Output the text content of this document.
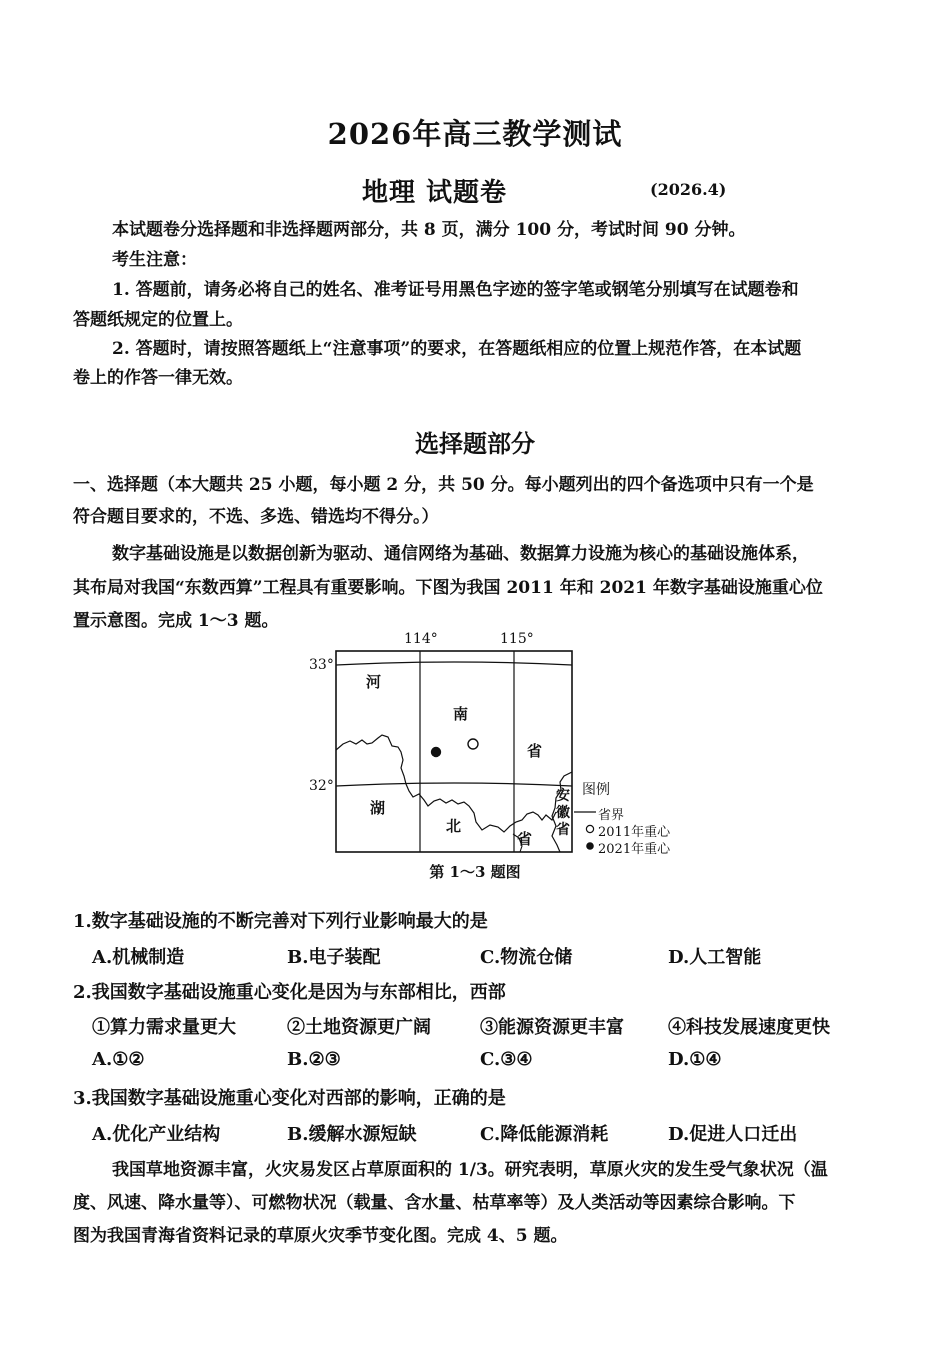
2026年高三教学测试
地理 试题卷	(2026.4)
本试题卷分选择题和非选择题两部分，共 8 页，满分 100 分，考试时间 90 分钟。
考生注意：
1. 答题前，请务必将自己的姓名、准考证号用黑色字迹的签字笔或钢笔分别填写在试题卷和
答题纸规定的位置上。
2. 答题时，请按照答题纸上“注意事项”的要求，在答题纸相应的位置上规范作答，在本试题
卷上的作答一律无效。
选择题部分
一、选择题（本大题共 25 小题，每小题 2 分，共 50 分。每小题列出的四个备选项中只有一个是
符合题目要求的，不选、多选、错选均不得分。）
数字基础设施是以数据创新为驱动、通信网络为基础、数据算力设施为核心的基础设施体系，
其布局对我国“东数西算”工程具有重要影响。下图为我国 2011 年和 2021 年数字基础设施重心位
置示意图。完成 1～3 题。
114°	115°
33°
32°
河
南
省
湖
北
省
安徽省
图例
省界
2011年重心
2021年重心
第 1～3 题图
1.数字基础设施的不断完善对下列行业影响最大的是
A.机械制造	B.电子装配	C.物流仓储	D.人工智能
2.我国数字基础设施重心变化是因为与东部相比，西部
①算力需求量更大	②土地资源更广阔	③能源资源更丰富 ④科技发展速度更快
A.①②	B.②③	C.③④	D.①④
3.我国数字基础设施重心变化对西部的影响，正确的是
A.优化产业结构	B.缓解水源短缺	C.降低能源消耗	D.促进人口迁出
我国草地资源丰富，火灾易发区占草原面积的 1/3。研究表明，草原火灾的发生受气象状况（温
度、风速、降水量等）、可燃物状况（载量、含水量、枯草率等）及人类活动等因素综合影响。下
图为我国青海省资料记录的草原火灾季节变化图。完成 4、5 题。
